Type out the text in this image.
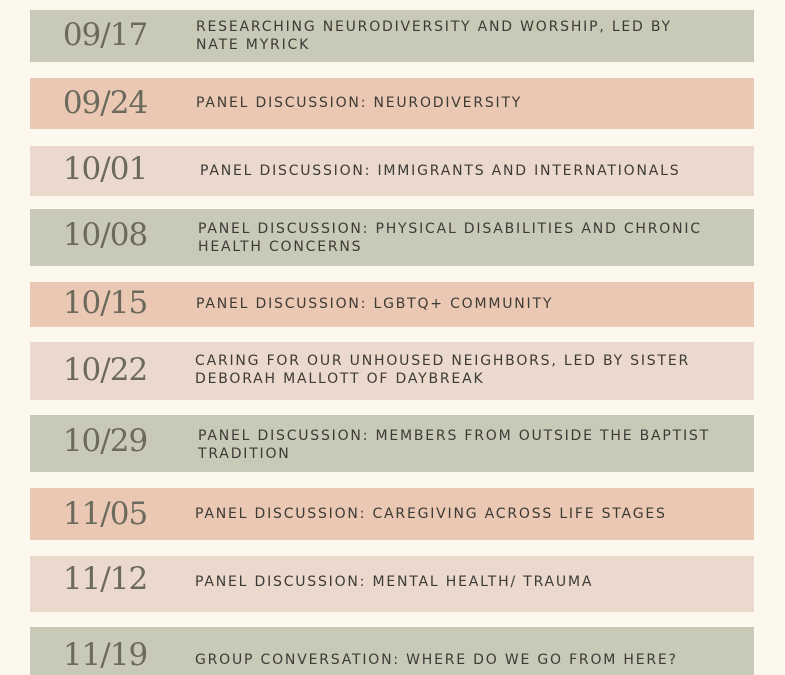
09/17	RESEARCHING NEURODIVERSITY AND WORSHIP, LED BY NATE MYRICK
09/24	PANEL DISCUSSION: NEURODIVERSITY
10/01	PANEL DISCUSSION: IMMIGRANTS AND INTERNATIONALS
10/08	PANEL DISCUSSION: PHYSICAL DISABILITIES AND CHRONIC HEALTH CONCERNS
10/15	PANEL DISCUSSION: LGBTQ+ COMMUNITY
10/22	CARING FOR OUR UNHOUSED NEIGHBORS, LED BY SISTER DEBORAH MALLOTT OF DAYBREAK
10/29	PANEL DISCUSSION: MEMBERS FROM OUTSIDE THE BAPTIST TRADITION
11/05	PANEL DISCUSSION: CAREGIVING ACROSS LIFE STAGES
11/12	PANEL DISCUSSION: MENTAL HEALTH/ TRAUMA
11/19	GROUP CONVERSATION: WHERE DO WE GO FROM HERE?
